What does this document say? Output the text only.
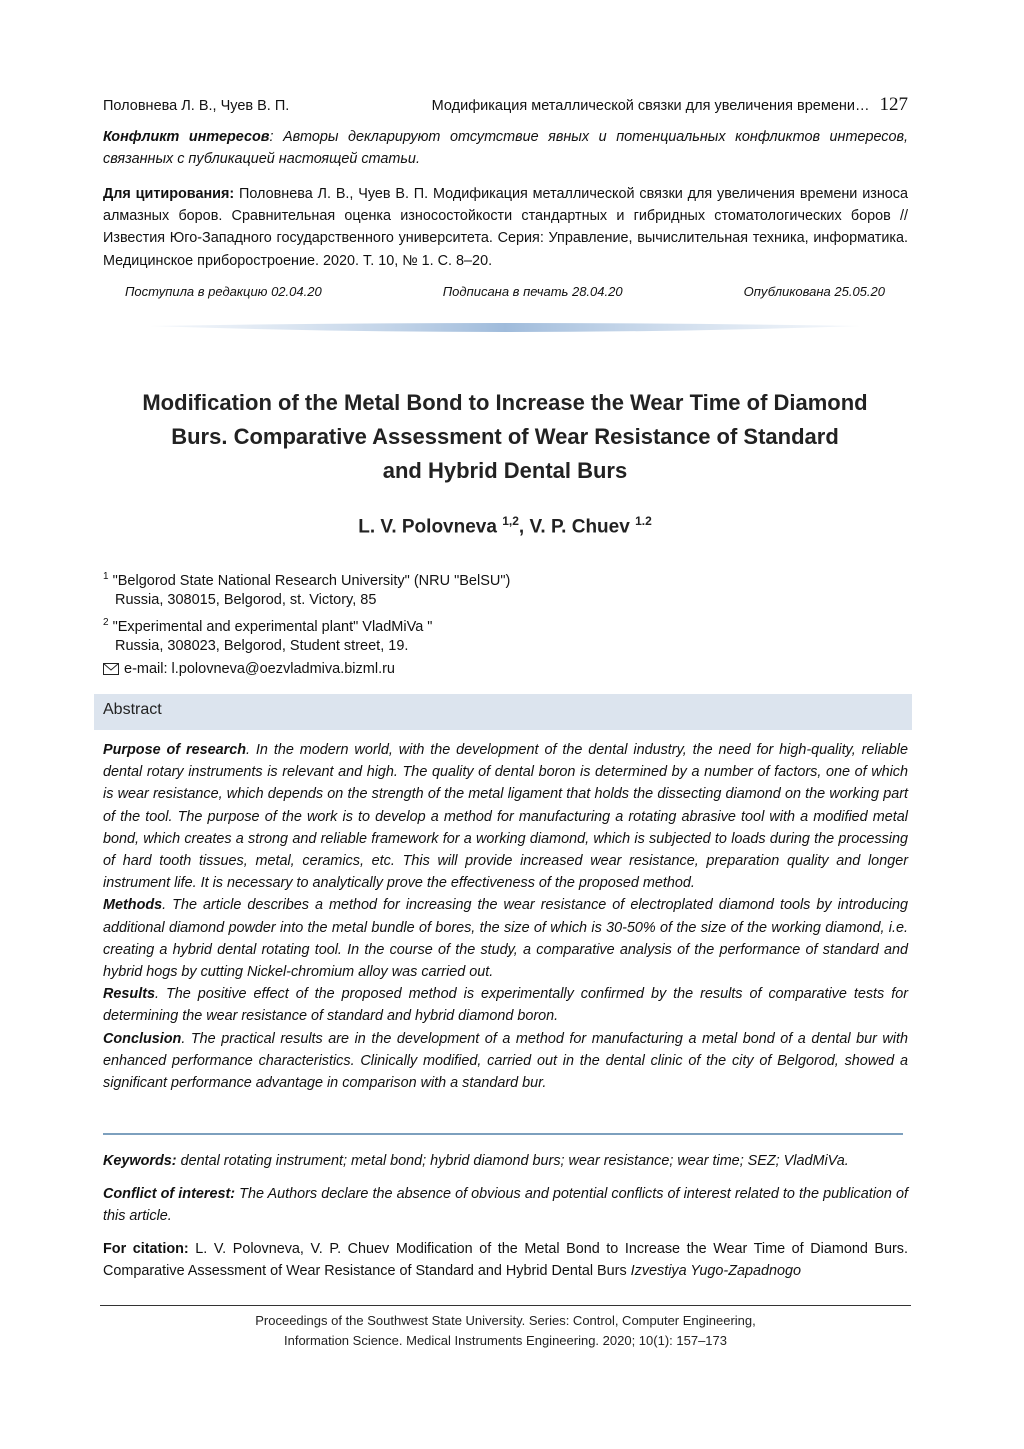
Половнева Л. В., Чуев В. П.	Модификация металлической связки для увеличения времени… 127
Конфликт интересов: Авторы декларируют отсутствие явных и потенциальных конфликтов интересов, связанных с публикацией настоящей статьи.
Для цитирования: Половнева Л. В., Чуев В. П. Модификация металлической связки для увеличения времени износа алмазных боров. Сравнительная оценка износостойкости стандартных и гибридных стоматологических боров // Известия Юго-Западного государственного университета. Серия: Управление, вычислительная техника, информатика. Медицинское приборостроение. 2020. Т. 10, № 1. С. 8–20.
Поступила в редакцию 02.04.20	Подписана в печать 28.04.20	Опубликована 25.05.20
Modification of the Metal Bond to Increase the Wear Time of Diamond
Burs. Comparative Assessment of Wear Resistance of Standard
and Hybrid Dental Burs
L. V. Polovneva $^{1,2}$, V. P. Chuev $^{1.2}$
$^1$ "Belgorod State National Research University" (NRU "BelSU")
Russia, 308015, Belgorod, st. Victory, 85
$^2$ "Experimental and experimental plant" VladMiVa "
Russia, 308023, Belgorod, Student street, 19.
e-mail: l.polovneva@oezvladmiva.bizml.ru
Abstract
Purpose of research. In the modern world, with the development of the dental industry, the need for high-quality, reliable dental rotary instruments is relevant and high. The quality of dental boron is determined by a number of factors, one of which is wear resistance, which depends on the strength of the metal ligament that holds the dissecting diamond on the working part of the tool. The purpose of the work is to develop a method for manufacturing a rotating abrasive tool with a modified metal bond, which creates a strong and reliable framework for a working diamond, which is subjected to loads during the processing of hard tooth tissues, metal, ceramics, etc. This will provide increased wear resistance, preparation quality and longer instrument life. It is necessary to analytically prove the effectiveness of the proposed method.
Methods. The article describes a method for increasing the wear resistance of electroplated diamond tools by introducing additional diamond powder into the metal bundle of bores, the size of which is 30-50% of the size of the working diamond, i.e. creating a hybrid dental rotating tool. In the course of the study, a comparative analysis of the performance of standard and hybrid hogs by cutting Nickel-chromium alloy was carried out.
Results. The positive effect of the proposed method is experimentally confirmed by the results of comparative tests for determining the wear resistance of standard and hybrid diamond boron.
Conclusion. The practical results are in the development of a method for manufacturing a metal bond of a dental bur with enhanced performance characteristics. Clinically modified, carried out in the dental clinic of the city of Belgorod, showed a significant performance advantage in comparison with a standard bur.
Keywords: dental rotating instrument; metal bond; hybrid diamond burs; wear resistance; wear time; SEZ; VladMiVa.
Conflict of interest: The Authors declare the absence of obvious and potential conflicts of interest related to the publication of this article.
For citation: L. V. Polovneva, V. P. Chuev Modification of the Metal Bond to Increase the Wear Time of Diamond Burs. Comparative Assessment of Wear Resistance of Standard and Hybrid Dental Burs Izvestiya Yugo-Zapadnogo
Proceedings of the Southwest State University. Series: Control, Computer Engineering,
Information Science. Medical Instruments Engineering. 2020; 10(1): 157–173
